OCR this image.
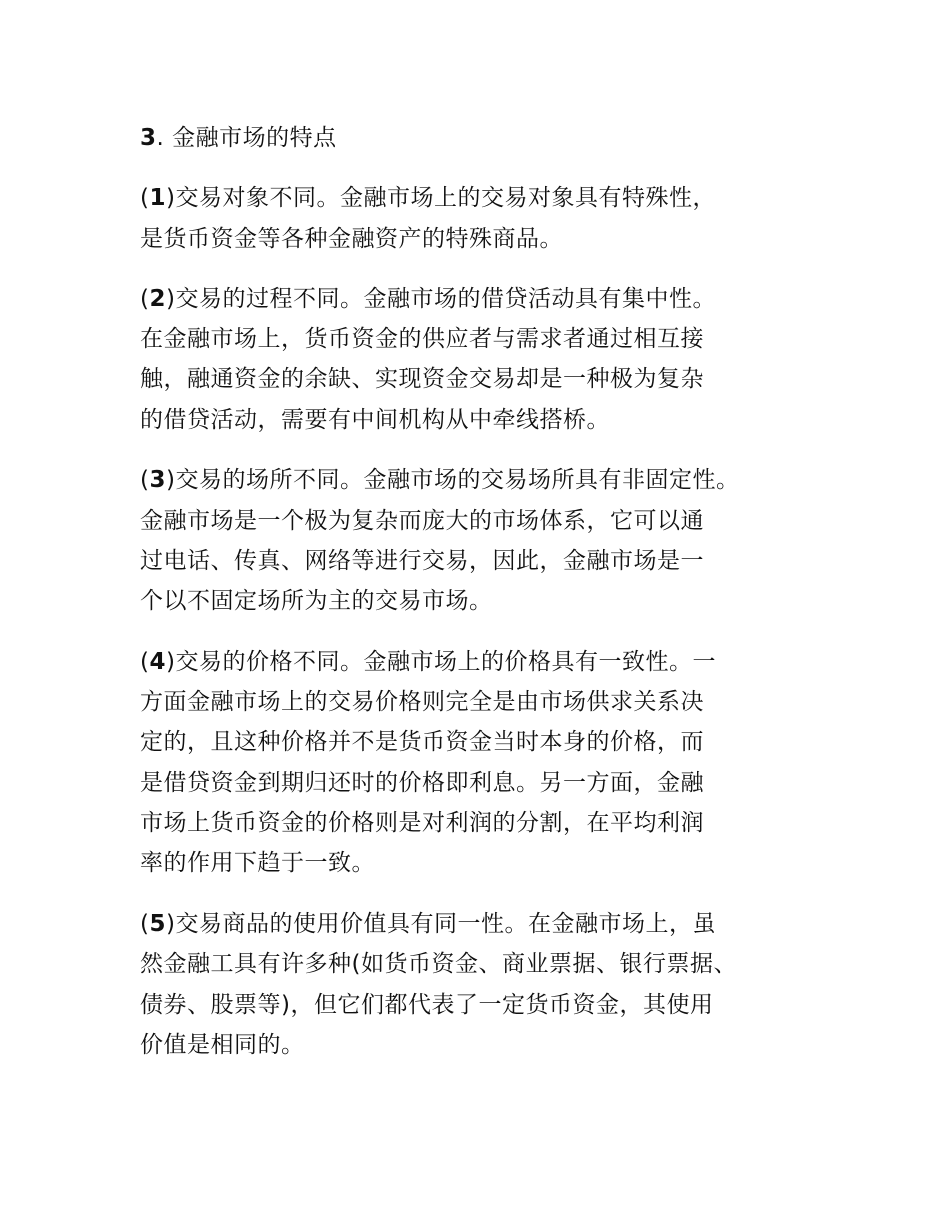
3. 金融市场的特点
(1)交易对象不同。金融市场上的交易对象具有特殊性，
是货币资金等各种金融资产的特殊商品。
(2)交易的过程不同。金融市场的借贷活动具有集中性。
在金融市场上，货币资金的供应者与需求者通过相互接
触，融通资金的余缺、实现资金交易却是一种极为复杂
的借贷活动，需要有中间机构从中牵线搭桥。
(3)交易的场所不同。金融市场的交易场所具有非固定性。
金融市场是一个极为复杂而庞大的市场体系，它可以通
过电话、传真、网络等进行交易，因此，金融市场是一
个以不固定场所为主的交易市场。
(4)交易的价格不同。金融市场上的价格具有一致性。一
方面金融市场上的交易价格则完全是由市场供求关系决
定的，且这种价格并不是货币资金当时本身的价格，而
是借贷资金到期归还时的价格即利息。另一方面，金融
市场上货币资金的价格则是对利润的分割，在平均利润
率的作用下趋于一致。
(5)交易商品的使用价值具有同一性。在金融市场上，虽
然金融工具有许多种(如货币资金、商业票据、银行票据、
债券、股票等)，但它们都代表了一定货币资金，其使用
价值是相同的。
